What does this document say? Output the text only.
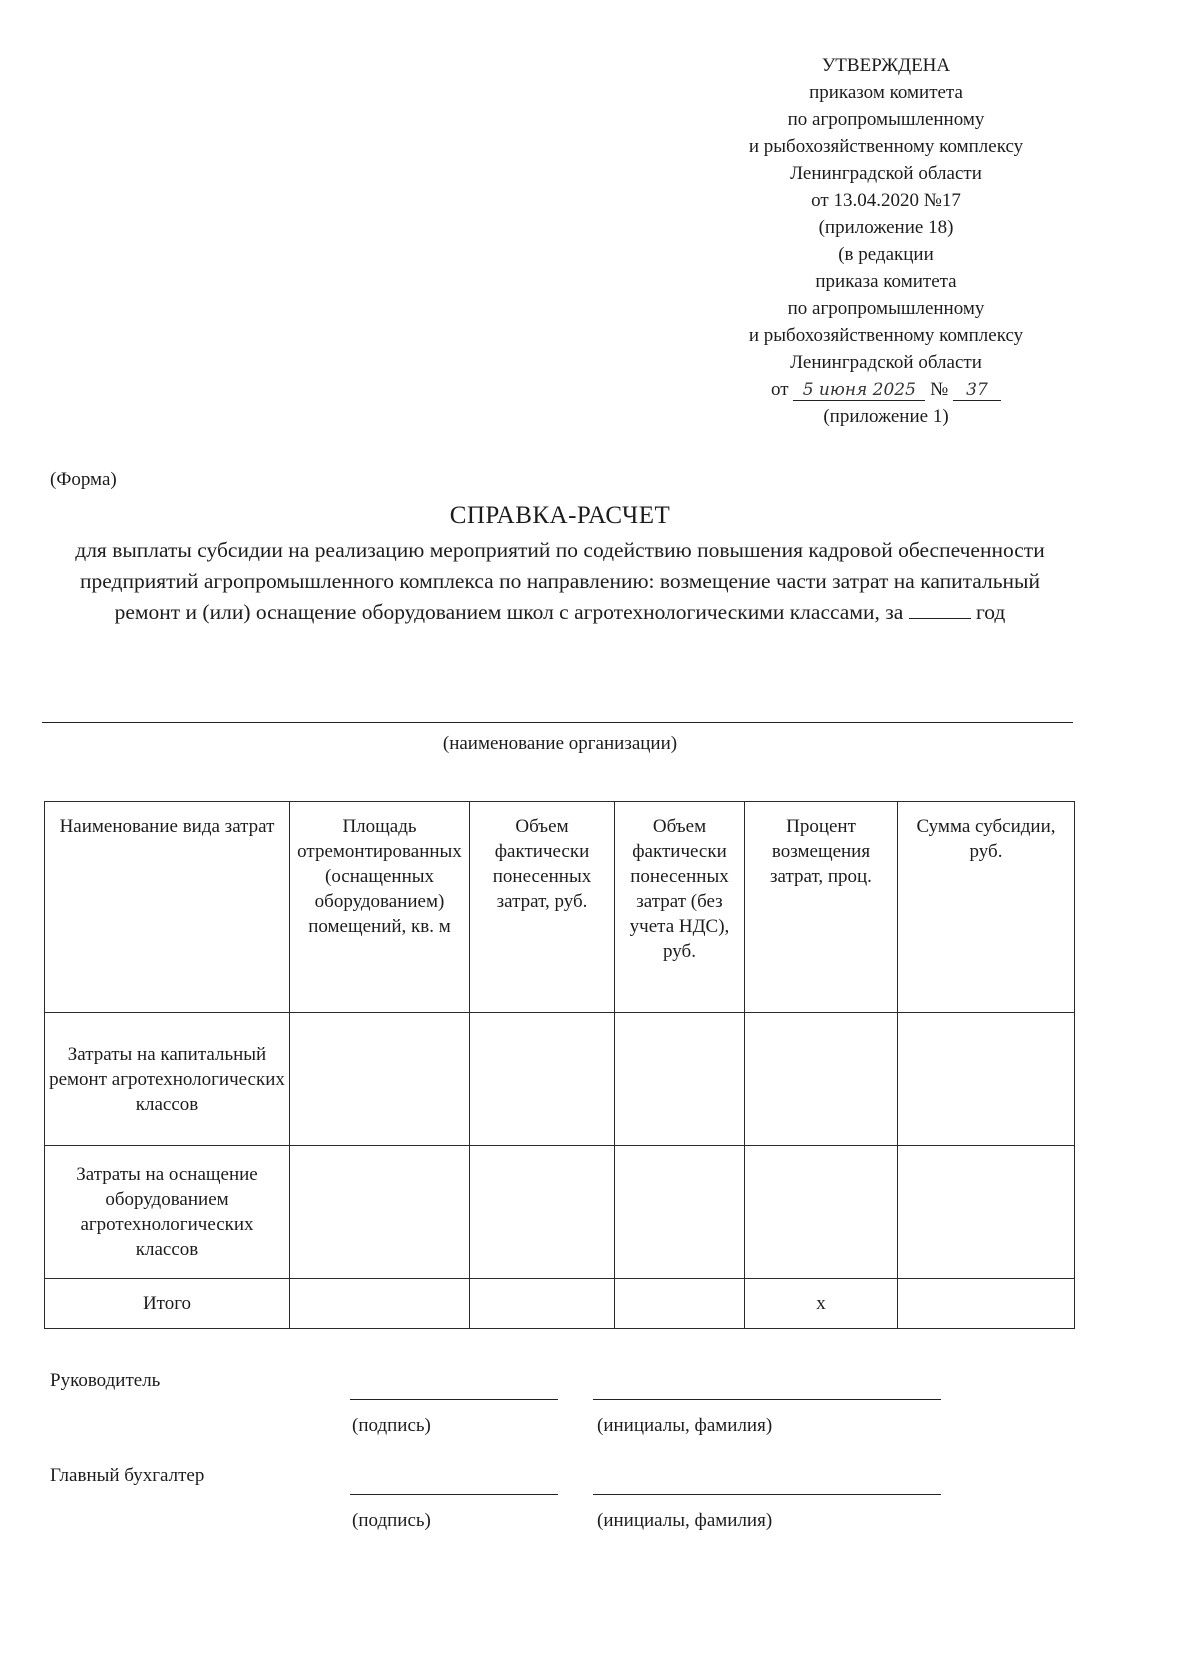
УТВЕРЖДЕНА
приказом комитета
по агропромышленному
и рыбохозяйственному комплексу
Ленинградской области
от 13.04.2020 №17
(приложение 18)
(в редакции
приказа комитета
по агропромышленному
и рыбохозяйственному комплексу
Ленинградской области
от 5 июня 2025 № 37
(приложение 1)
(Форма)
СПРАВКА-РАСЧЕТ
для выплаты субсидии на реализацию мероприятий по содействию повышения кадровой обеспеченности предприятий агропромышленного комплекса по направлению: возмещение части затрат на капитальный ремонт и (или) оснащение оборудованием школ с агротехнологическими классами, за	год
(наименование организации)
Наименование вида затрат	Площадь отремонтированных (оснащенных оборудованием) помещений, кв. м	Объем фактически понесенных затрат, руб.	Объем фактически понесенных затрат (без учета НДС), руб.	Процент возмещения затрат, проц.	Сумма субсидии, руб.
Затраты на капитальный ремонт агротехнологических классов					
Затраты на оснащение оборудованием агротехнологических классов					
Итого				х	
Руководитель
(подпись)	(инициалы, фамилия)
Главный бухгалтер
(подпись)	(инициалы, фамилия)
